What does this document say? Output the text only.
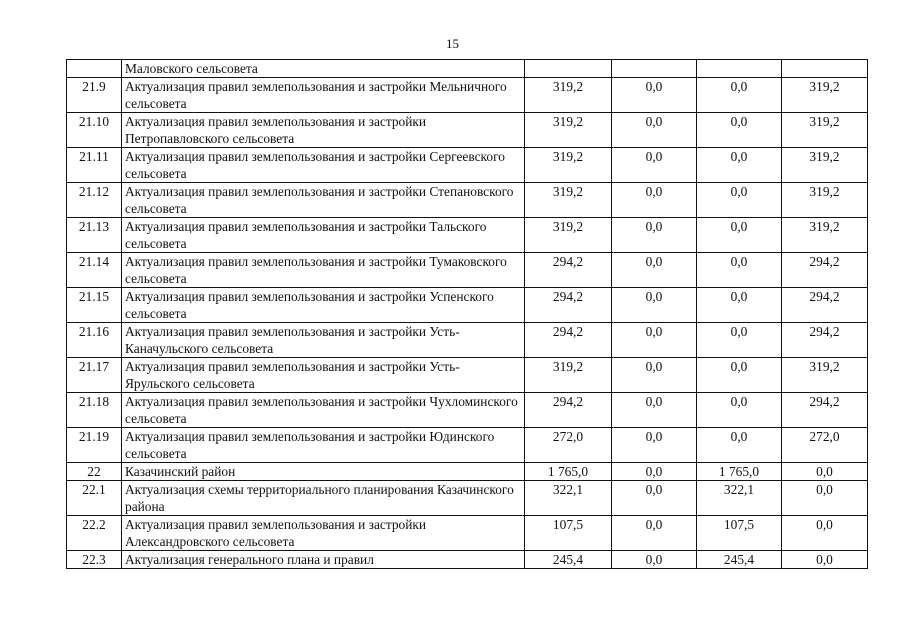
15
	Маловского сельсовета				
21.9	Актуализация правил землепользования и застройки Мельничного сельсовета	319,2	0,0	0,0	319,2
21.10	Актуализация правил землепользования и застройки Петропавловского сельсовета	319,2	0,0	0,0	319,2
21.11	Актуализация правил землепользования и застройки Сергеевского сельсовета	319,2	0,0	0,0	319,2
21.12	Актуализация правил землепользования и застройки Степановского сельсовета	319,2	0,0	0,0	319,2
21.13	Актуализация правил землепользования и застройки Тальского сельсовета	319,2	0,0	0,0	319,2
21.14	Актуализация правил землепользования и застройки Тумаковского сельсовета	294,2	0,0	0,0	294,2
21.15	Актуализация правил землепользования и застройки Успенского сельсовета	294,2	0,0	0,0	294,2
21.16	Актуализация правил землепользования и застройки Усть-Каначульского сельсовета	294,2	0,0	0,0	294,2
21.17	Актуализация правил землепользования и застройки Усть-Ярульского сельсовета	319,2	0,0	0,0	319,2
21.18	Актуализация правил землепользования и застройки Чухломинского сельсовета	294,2	0,0	0,0	294,2
21.19	Актуализация правил землепользования и застройки Юдинского сельсовета	272,0	0,0	0,0	272,0
22	Казачинский район	1 765,0	0,0	1 765,0	0,0
22.1	Актуализация схемы территориального планирования Казачинского района	322,1	0,0	322,1	0,0
22.2	Актуализация правил землепользования и застройки Александровского сельсовета	107,5	0,0	107,5	0,0
22.3	Актуализация генерального плана и правил	245,4	0,0	245,4	0,0
